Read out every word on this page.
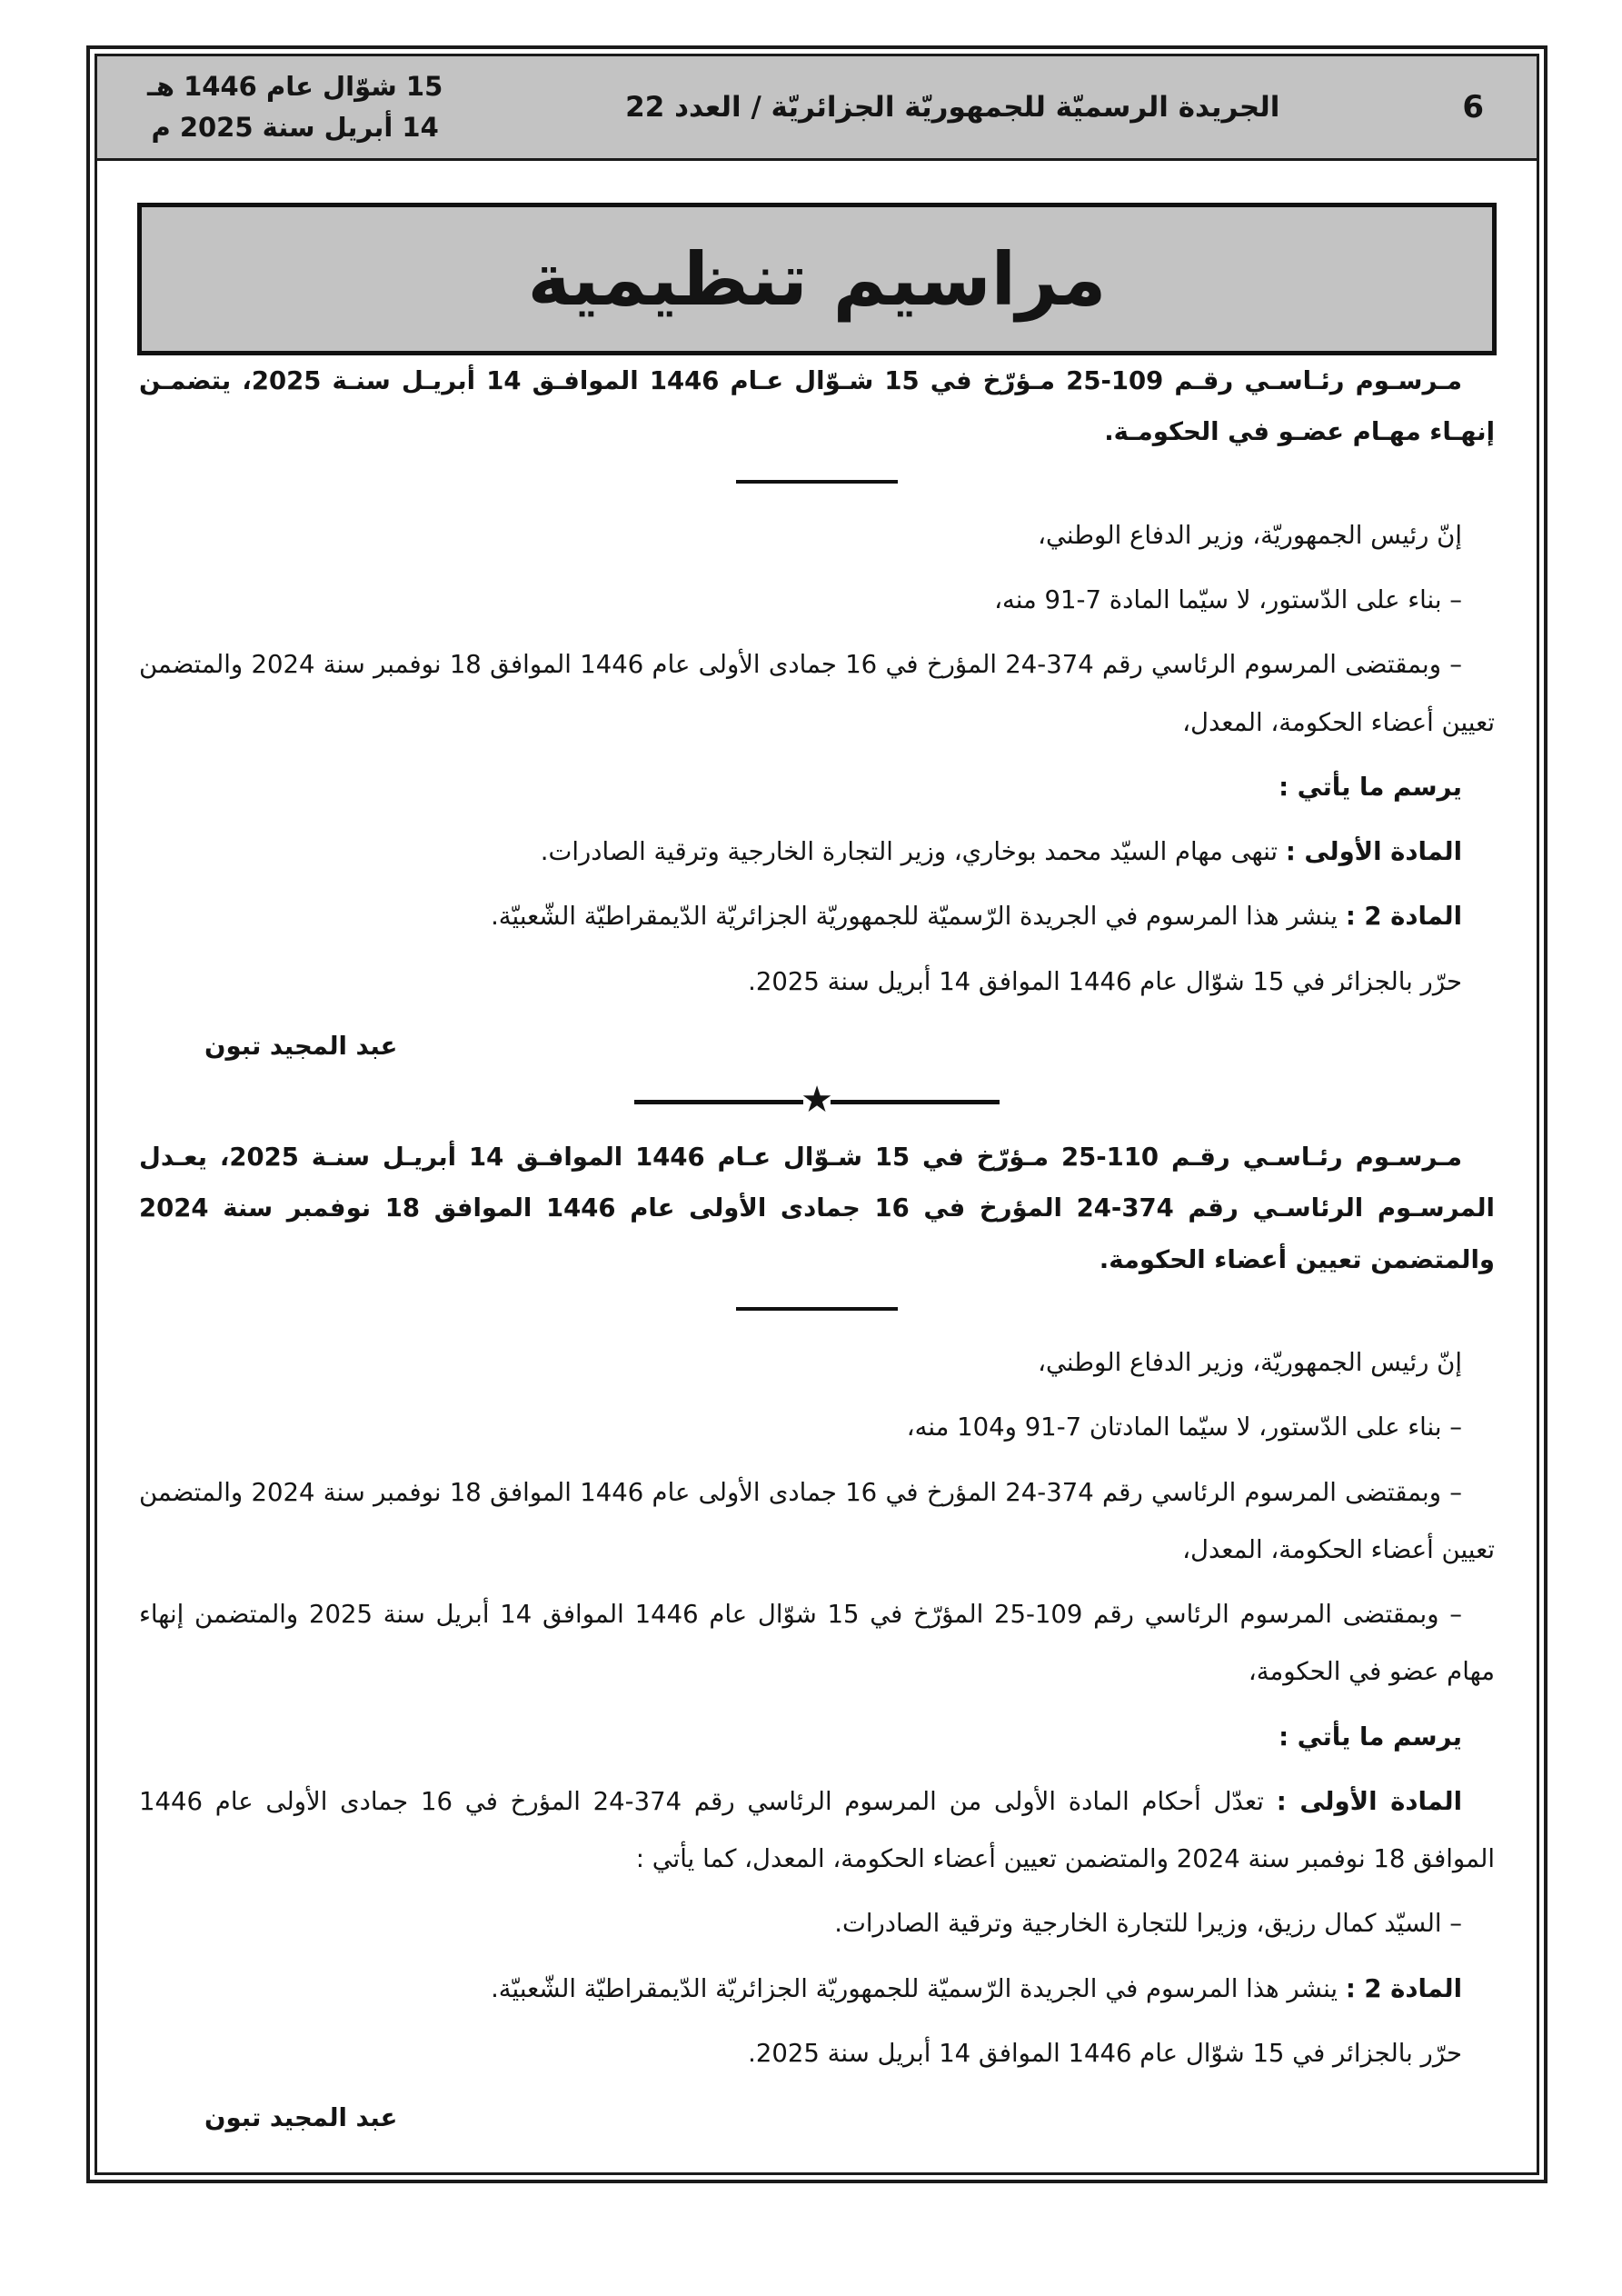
6
الجريدة الرسميّة للجمهوريّة الجزائريّة / العدد 22
15 شوّال عام 1446 هـ
14 أبريل سنة 2025 م
مراسيم تنظيمية

مـرسـوم رئـاسـي رقـم 109-25 مـؤرّخ في 15 شـوّال عـام 1446 الموافـق 14 أبريـل سنـة 2025، يتضمـن إنهـاء مهـام عضـو في الحكومـة.

إنّ رئيس الجمهوريّة، وزير الدفاع الوطني،

– بناء على الدّستور، لا سيّما المادة 7-91 منه،

– وبمقتضى المرسوم الرئاسي رقم 374-24 المؤرخ في 16 جمادى الأولى عام 1446 الموافق 18 نوفمبر سنة 2024 والمتضمن تعيين أعضاء الحكومة، المعدل،

يرسم ما يأتي :

المادة الأولى : تنهى مهام السيّد محمد بوخاري، وزير التجارة الخارجية وترقية الصادرات.

المادة 2 : ينشر هذا المرسوم في الجريدة الرّسميّة للجمهوريّة الجزائريّة الدّيمقراطيّة الشّعبيّة.

حرّر بالجزائر في 15 شوّال عام 1446 الموافق 14 أبريل سنة 2025.

عبد المجيد تبون

★

مـرسـوم رئـاسـي رقـم 110-25 مـؤرّخ في 15 شـوّال عـام 1446 الموافـق 14 أبريـل سنـة 2025، يعـدل المرسـوم الرئاسـي رقم 374-24 المؤرخ في 16 جمادى الأولى عام 1446 الموافق 18 نوفمبر سنة 2024 والمتضمن تعيين أعضاء الحكومة.

إنّ رئيس الجمهوريّة، وزير الدفاع الوطني،

– بناء على الدّستور، لا سيّما المادتان 7-91 و104 منه،

– وبمقتضى المرسوم الرئاسي رقم 374-24 المؤرخ في 16 جمادى الأولى عام 1446 الموافق 18 نوفمبر سنة 2024 والمتضمن تعيين أعضاء الحكومة، المعدل،

– وبمقتضى المرسوم الرئاسي رقم 109-25 المؤرّخ في 15 شوّال عام 1446 الموافق 14 أبريل سنة 2025 والمتضمن إنهاء مهام عضو في الحكومة،

يرسم ما يأتي :

المادة الأولى : تعدّل أحكام المادة الأولى من المرسوم الرئاسي رقم 374-24 المؤرخ في 16 جمادى الأولى عام 1446 الموافق 18 نوفمبر سنة 2024 والمتضمن تعيين أعضاء الحكومة، المعدل، كما يأتي :

– السيّد كمال رزيق، وزيرا للتجارة الخارجية وترقية الصادرات.

المادة 2 : ينشر هذا المرسوم في الجريدة الرّسميّة للجمهوريّة الجزائريّة الدّيمقراطيّة الشّعبيّة.

حرّر بالجزائر في 15 شوّال عام 1446 الموافق 14 أبريل سنة 2025.

عبد المجيد تبون
